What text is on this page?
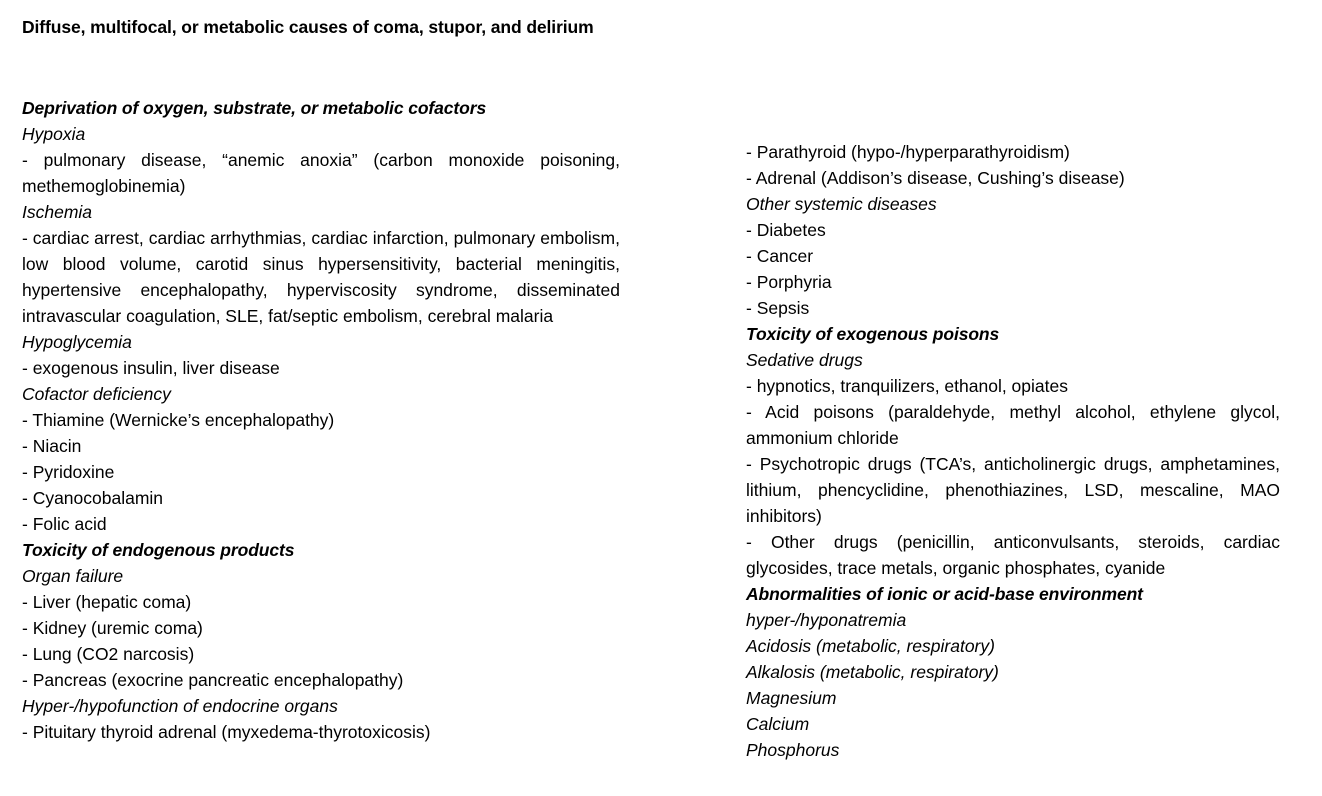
Diffuse, multifocal, or metabolic causes of coma, stupor, and delirium
Deprivation of oxygen, substrate, or metabolic cofactors
Hypoxia
- pulmonary disease, “anemic anoxia” (carbon monoxide poisoning, methemoglobinemia)
Ischemia
- cardiac arrest, cardiac arrhythmias, cardiac infarction, pulmonary embolism, low blood volume, carotid sinus hypersensitivity, bacterial meningitis, hypertensive encephalopathy, hyperviscosity syndrome, disseminated intravascular coagulation, SLE, fat/septic embolism, cerebral malaria
Hypoglycemia
- exogenous insulin, liver disease
Cofactor deficiency
- Thiamine (Wernicke’s encephalopathy)
- Niacin
- Pyridoxine
- Cyanocobalamin
- Folic acid
Toxicity of endogenous products
Organ failure
- Liver (hepatic coma)
- Kidney (uremic coma)
- Lung (CO2 narcosis)
- Pancreas (exocrine pancreatic encephalopathy)
Hyper-/hypofunction of endocrine organs
- Pituitary thyroid adrenal (myxedema-thyrotoxicosis)
- Parathyroid (hypo-/hyperparathyroidism)
- Adrenal (Addison’s disease, Cushing’s disease)
Other systemic diseases
- Diabetes
- Cancer
- Porphyria
- Sepsis
Toxicity of exogenous poisons
Sedative drugs
- hypnotics, tranquilizers, ethanol, opiates
- Acid poisons (paraldehyde, methyl alcohol, ethylene glycol, ammonium chloride
- Psychotropic drugs (TCA’s, anticholinergic drugs, amphetamines, lithium, phencyclidine, phenothiazines, LSD, mescaline, MAO inhibitors)
- Other drugs (penicillin, anticonvulsants, steroids, cardiac glycosides, trace metals, organic phosphates, cyanide
Abnormalities of ionic or acid-base environment
hyper-/hyponatremia
Acidosis (metabolic, respiratory)
Alkalosis (metabolic, respiratory)
Magnesium
Calcium
Phosphorus
